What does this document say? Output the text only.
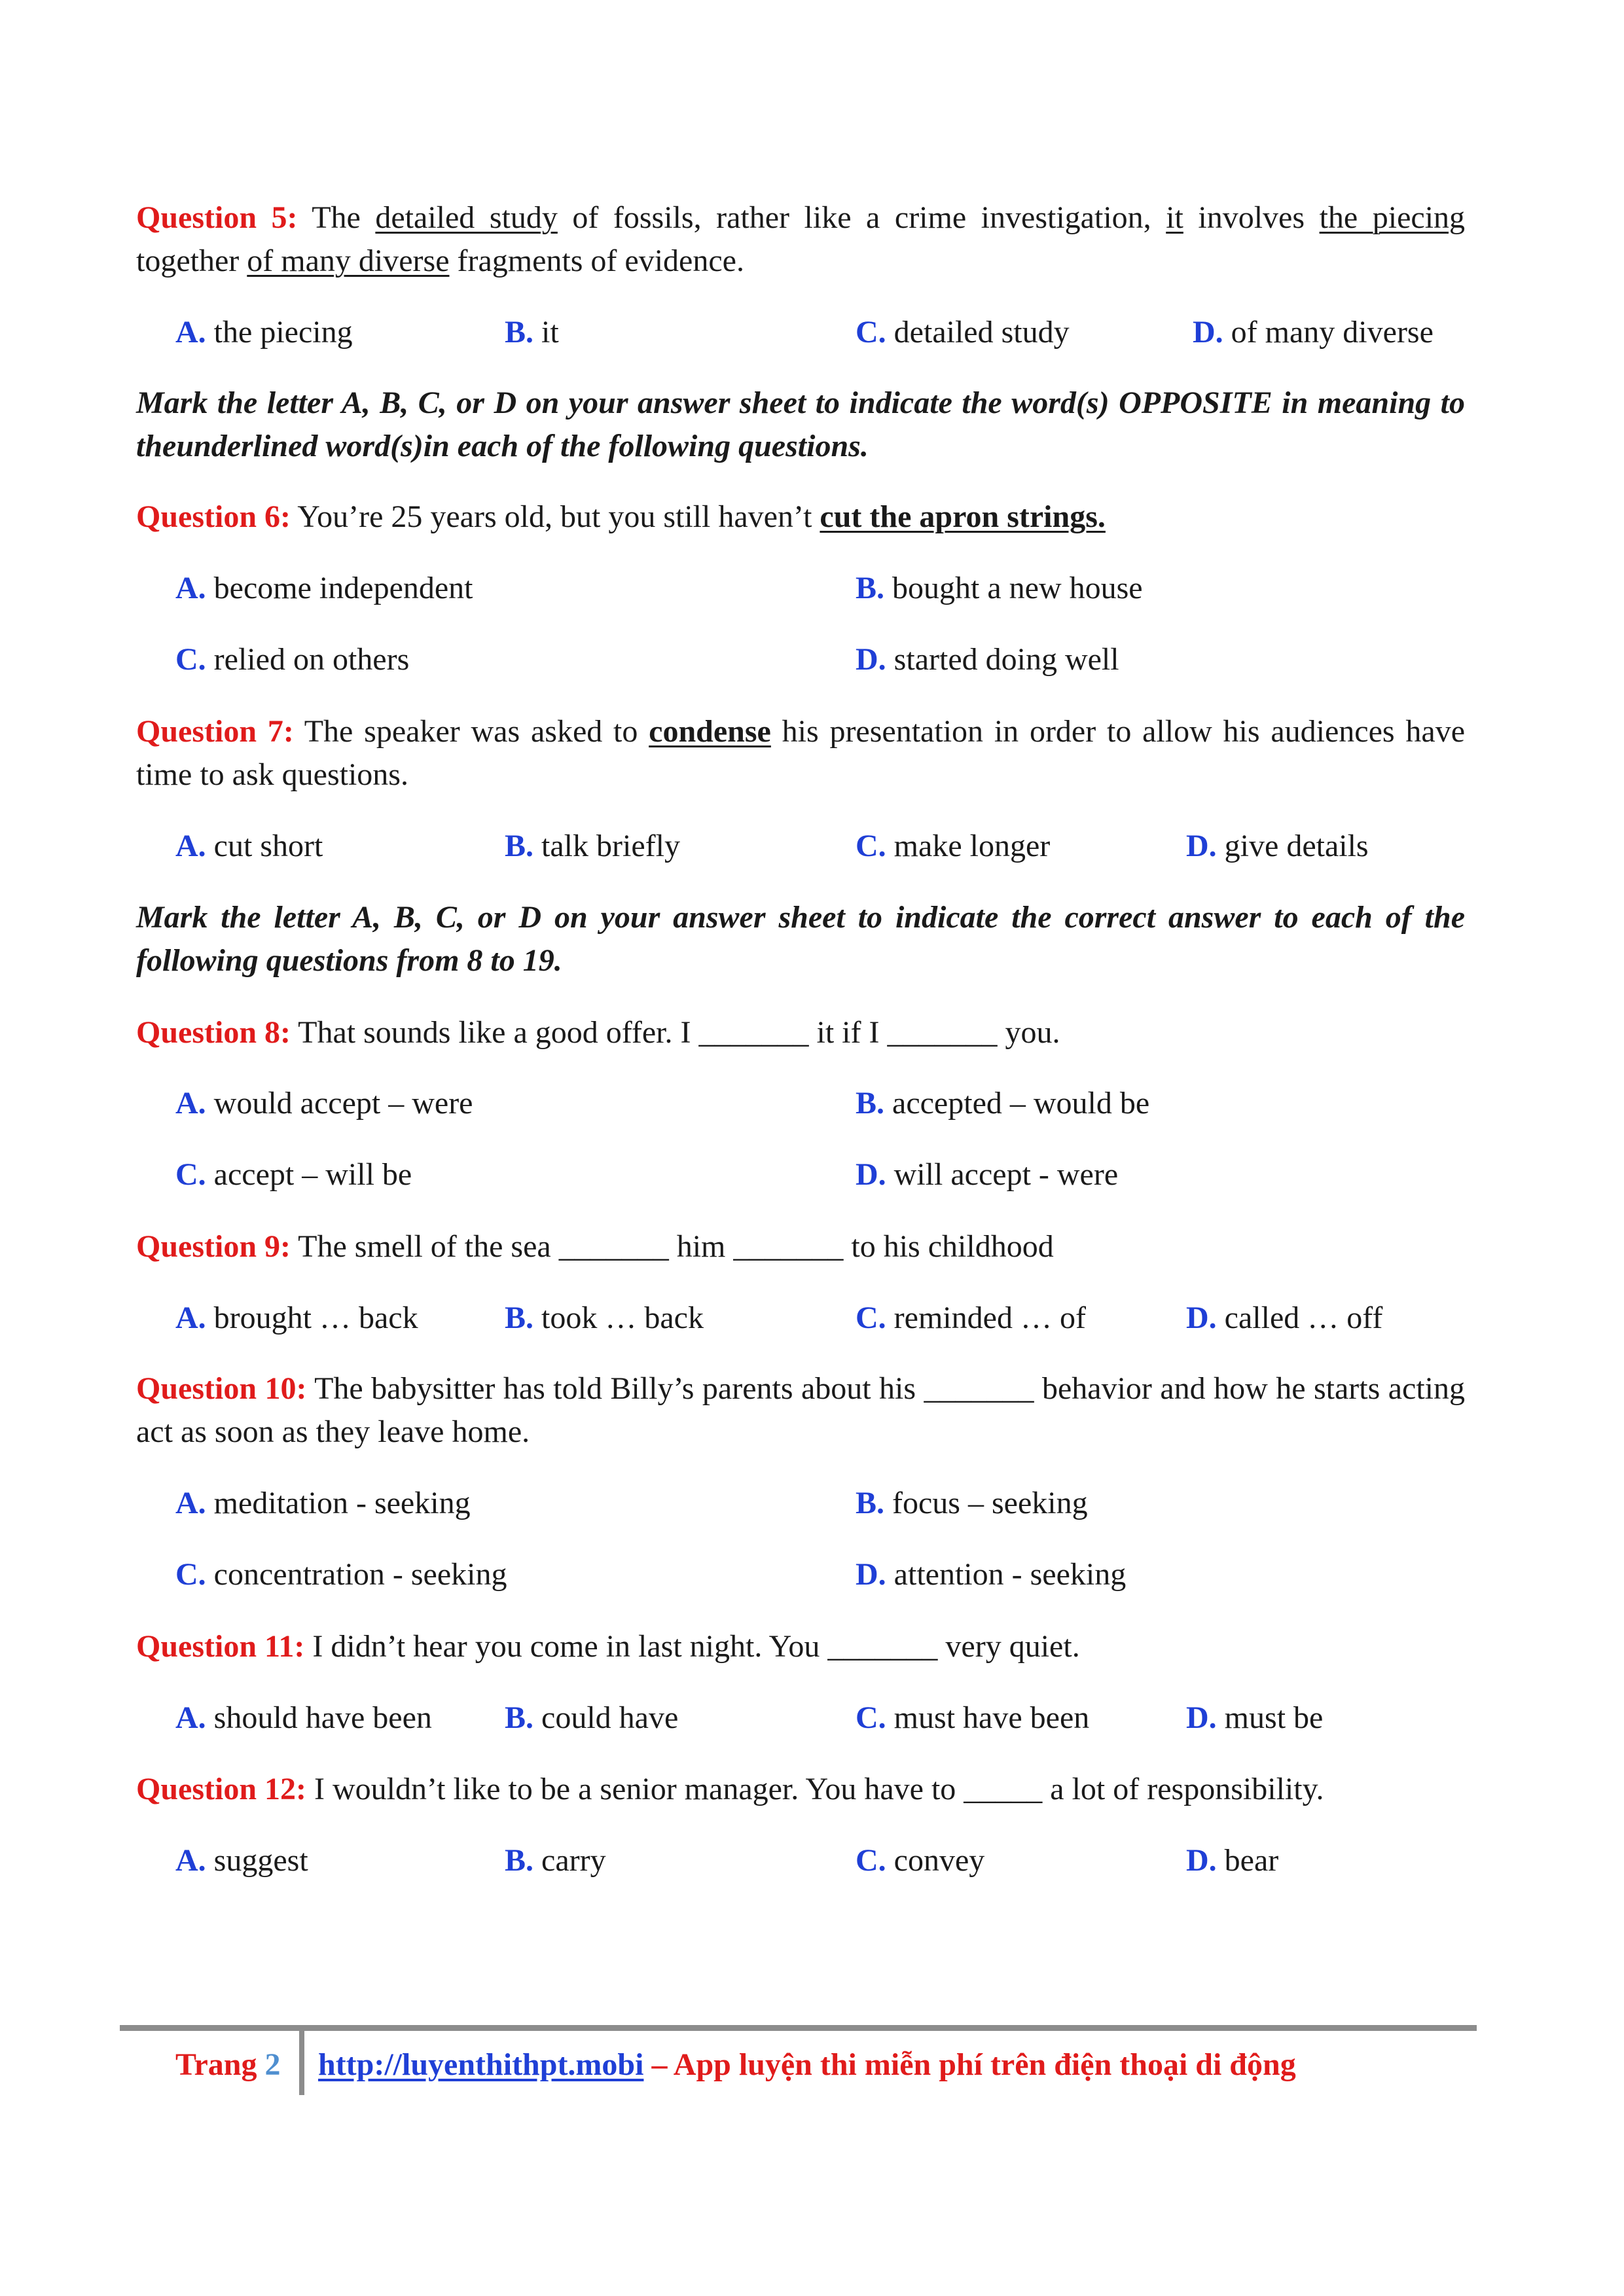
Question 5: The detailed study of fossils, rather like a crime investigation, it involves the piecing together of many diverse fragments of evidence.
A. the piecing	B. it	C. detailed study	D. of many diverse
Mark the letter A, B, C, or D on your answer sheet to indicate the word(s) OPPOSITE in meaning to theunderlined word(s)in each of the following questions.
Question 6: You’re 25 years old, but you still haven’t cut the apron strings.
A. become independent	B. bought a new house
C. relied on others	D. started doing well
Question 7: The speaker was asked to condense his presentation in order to allow his audiences have time to ask questions.
A. cut short	B. talk briefly	C. make longer	D. give details
Mark the letter A, B, C, or D on your answer sheet to indicate the correct answer to each of the following questions from 8 to 19.
Question 8: That sounds like a good offer. I _______ it if I _______ you.
A. would accept – were	B. accepted – would be
C. accept – will be	D. will accept - were
Question 9: The smell of the sea _______ him _______ to his childhood
A. brought … back	B. took … back	C. reminded … of	D. called … off
Question 10: The babysitter has told Billy’s parents about his _______ behavior and how he starts acting act as soon as they leave home.
A. meditation - seeking	B. focus – seeking
C. concentration - seeking	D. attention - seeking
Question 11: I didn’t hear you come in last night. You _______ very quiet.
A. should have been B. could have	C. must have been	D. must be
Question 12: I wouldn’t like to be a senior manager. You have to _____ a lot of responsibility.
A. suggest	B. carry	C. convey	D. bear
Trang 2 http://luyenthithpt.mobi – App luyện thi miễn phí trên điện thoại di động
